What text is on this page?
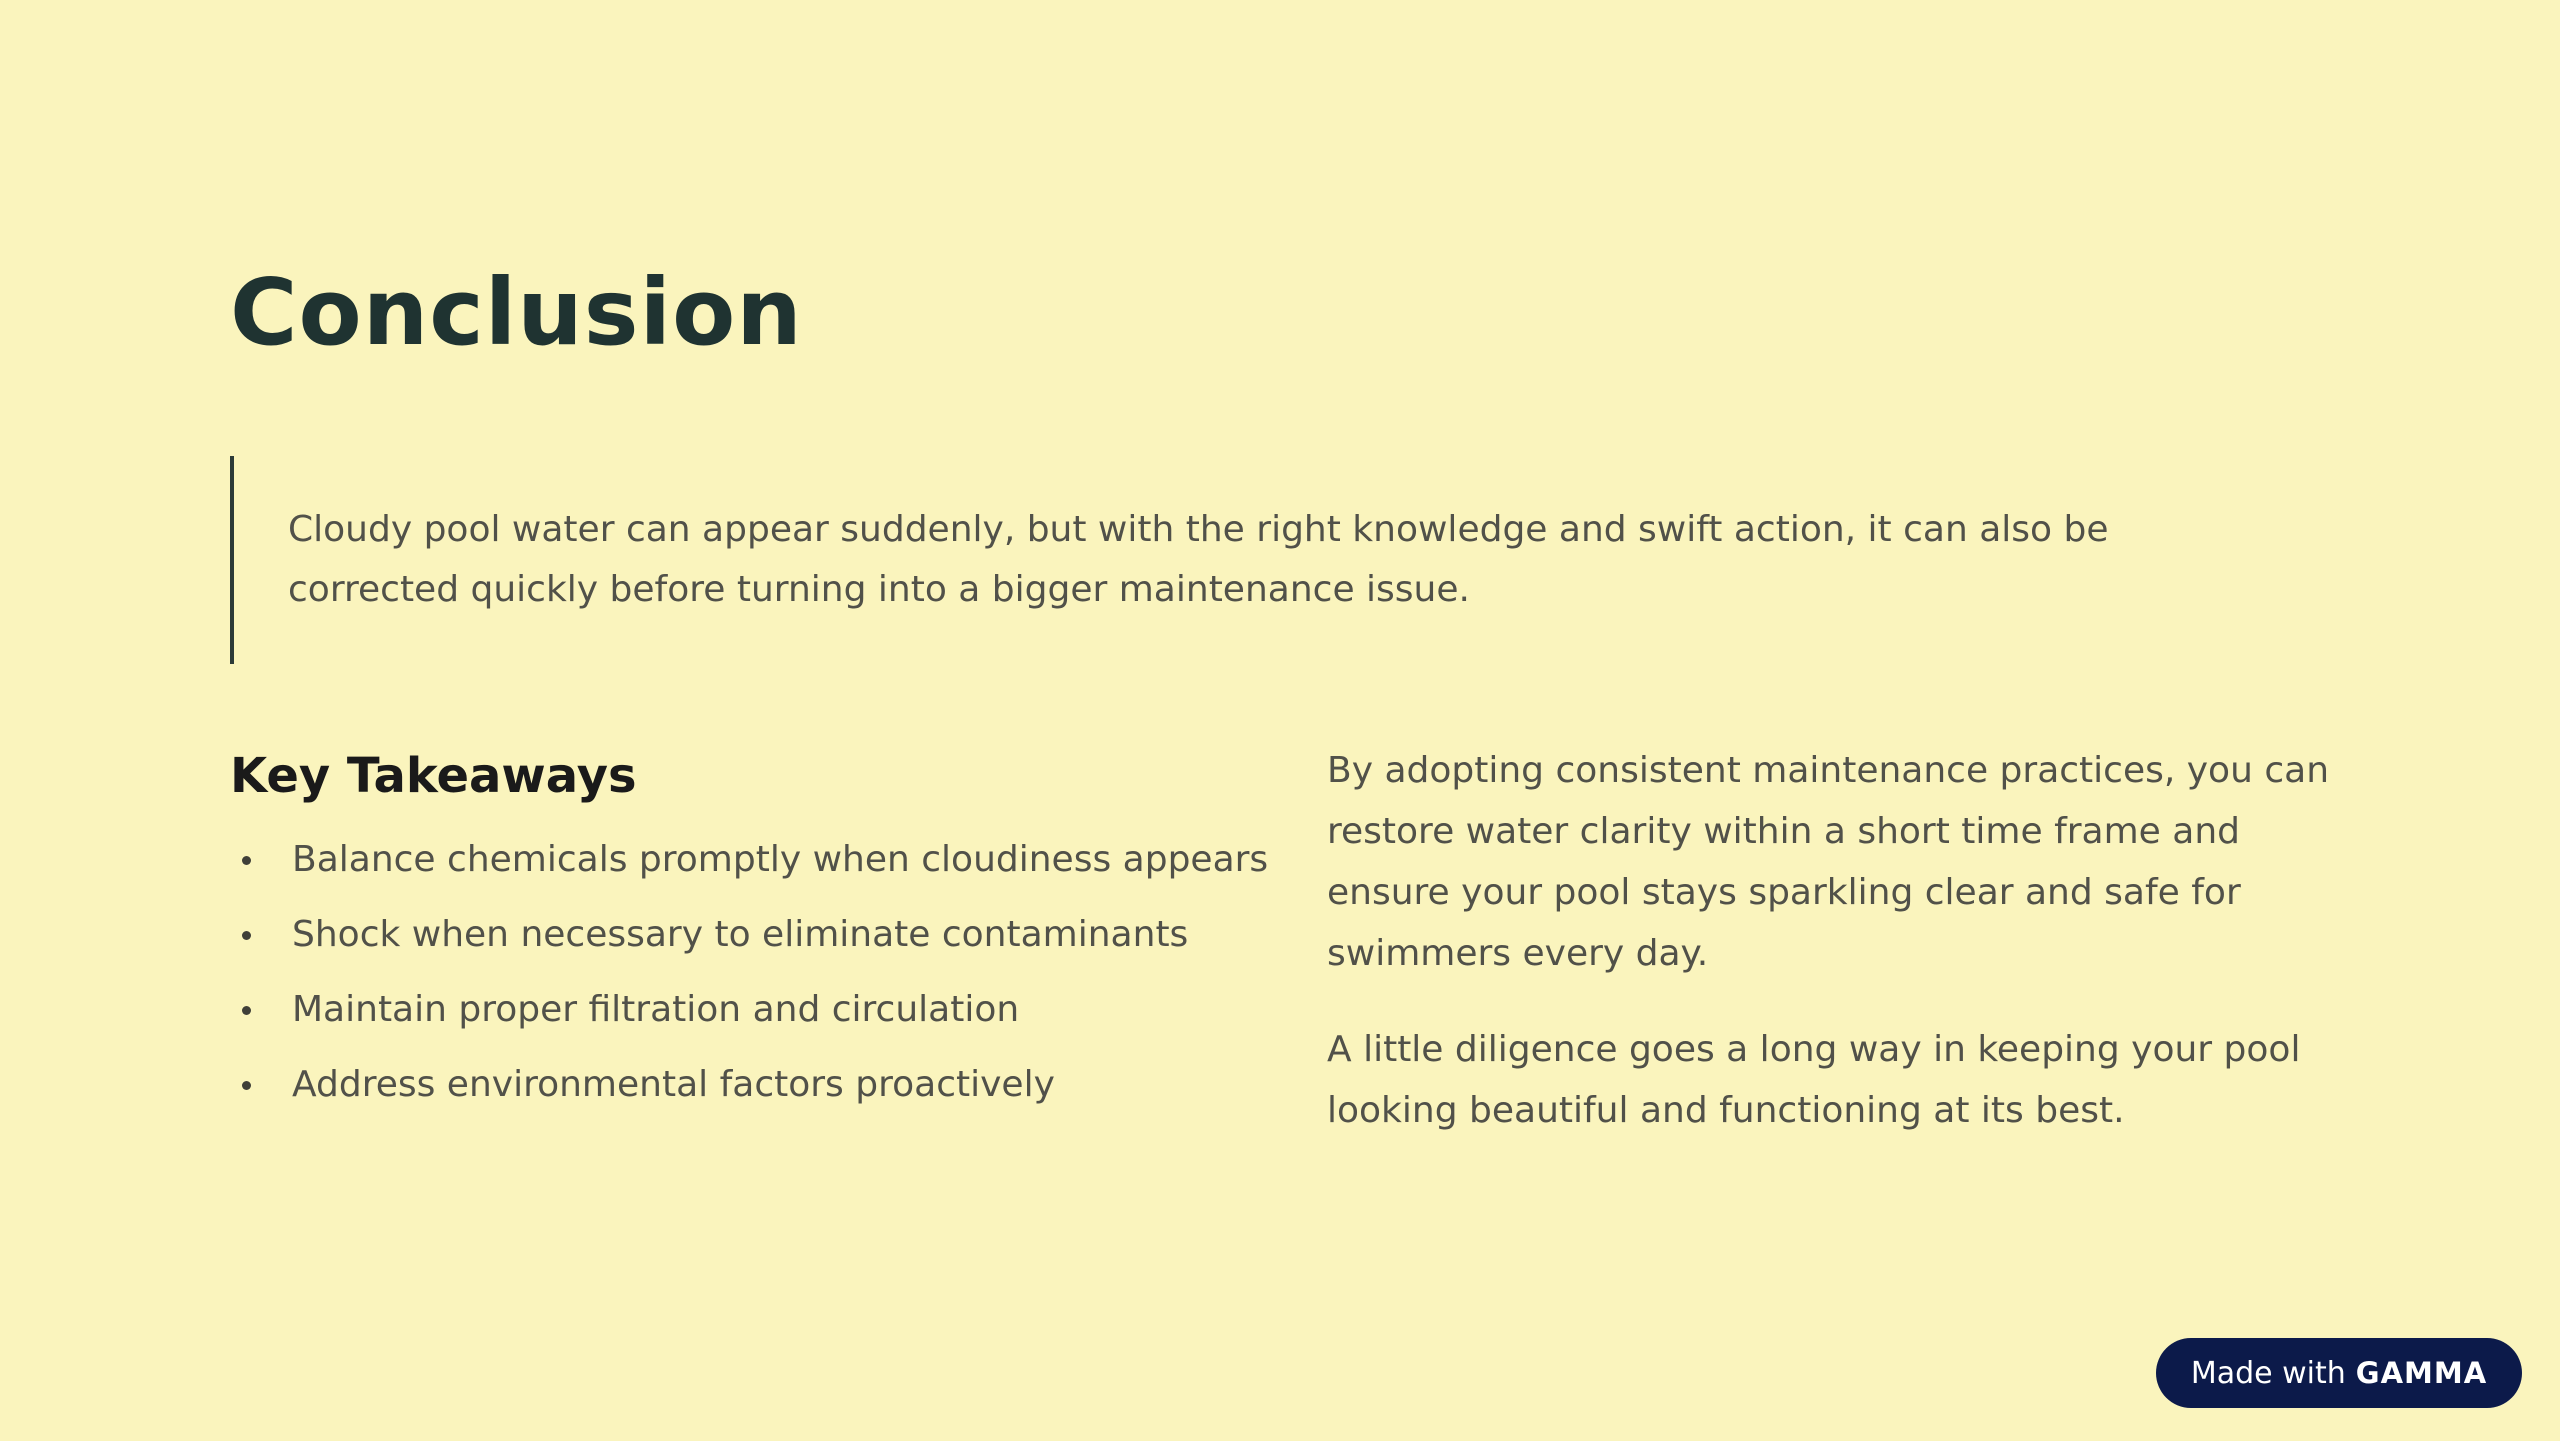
Conclusion
Cloudy pool water can appear suddenly, but with the right knowledge and swift action, it can also be corrected quickly before turning into a bigger maintenance issue.
Key Takeaways
Balance chemicals promptly when cloudiness appears
Shock when necessary to eliminate contaminants
Maintain proper filtration and circulation
Address environmental factors proactively

By adopting consistent maintenance practices, you can restore water clarity within a short time frame and ensure your pool stays sparkling clear and safe for swimmers every day.

A little diligence goes a long way in keeping your pool looking beautiful and functioning at its best.

Made with GAMMA
